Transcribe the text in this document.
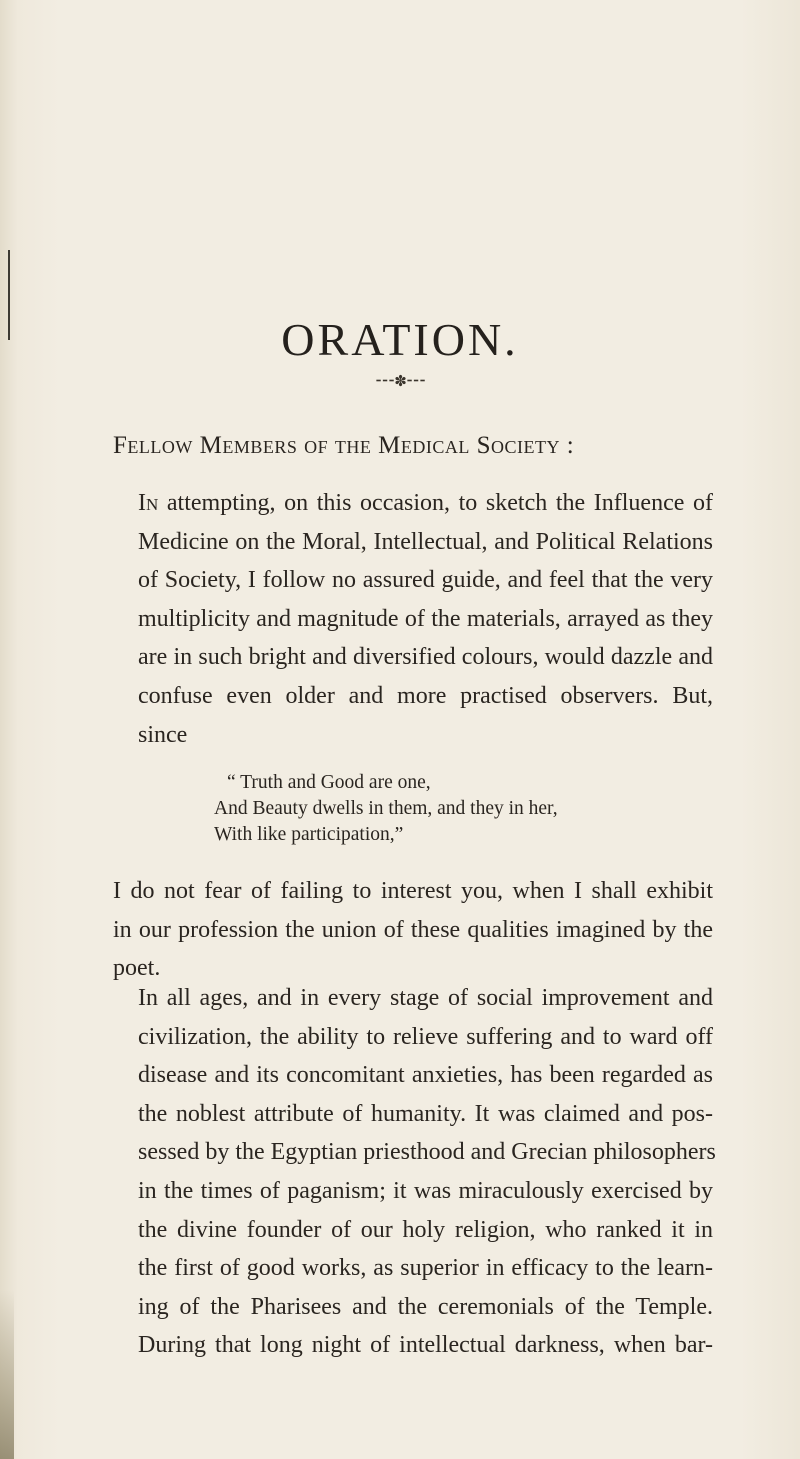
ORATION.
⁃⁃⁃✽⁃⁃⁃
Fellow Members of the Medical Society :
In attempting, on this occasion, to sketch the Influence of
Medicine on the Moral, Intellectual, and Political Relations
of Society, I follow no assured guide, and feel that the very
multiplicity and magnitude of the materials, arrayed as they
are in such bright and diversified colours, would dazzle and
confuse even older and more practised observers. But,
since
“ Truth and Good are one,
And Beauty dwells in them, and they in her,
With like participation,”
I do not fear of failing to interest you, when I shall exhibit
in our profession the union of these qualities imagined by the
poet.
In all ages, and in every stage of social improvement and
civilization, the ability to relieve suffering and to ward off
disease and its concomitant anxieties, has been regarded as
the noblest attribute of humanity. It was claimed and pos-
sessed by the Egyptian priesthood and Grecian philosophers
in the times of paganism; it was miraculously exercised by
the divine founder of our holy religion, who ranked it in
the first of good works, as superior in efficacy to the learn-
ing of the Pharisees and the ceremonials of the Temple.
During that long night of intellectual darkness, when bar-
